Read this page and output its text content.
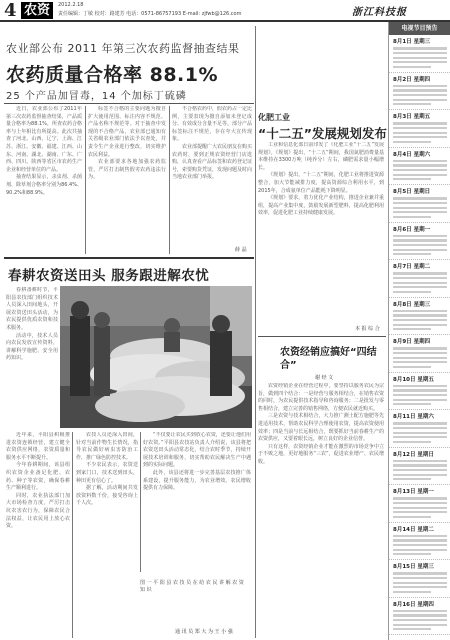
4 农资	2012.2.18
责任编辑：丁敏 校对：路建芳 电话：0571-86757193 E-mail: zjfwb@126.com	浙江科技报
农业部公布 2011 年第三次农药监督抽查结果
农药质量合格率 88.1%
25 个产品加冒毒，14 个加标丁硫磷

近日，农业部公布了2011年第三次农药监督抽查结果，产品质量合格率为88.1%，所查农药合格率与上年相比有所提高。此次共抽查了河北、山西、辽宁、上海、江苏、浙江、安徽、福建、江西、山东、河南、湖北、湖南、广东、广西、四川、陕西等省区市农药生产企业和经营单位的产品。

抽查结果显示，杀虫剂、杀菌剂、除草剂合格率分别为86.4%、90.2%和88.9%。

标签不合格的主要问题为擅自扩大使用范围、标注内容不规范、产品名称不规范等。对于抽查中发现的不合格产品，农业部已通知有关省级农业部门依法予以查处，并责令生产企业进行整改，切实维护农民利益。

农业部要求各地加强农药监管，严厉打击制售假劣农药违法行为。

不合格农药中，假农药占一定比例，主要表现为擅自添加未登记成分、有效成分含量不足等。部分产品标签标注不规范，存在夸大宣传现象。

农业部提醒广大农民朋友在购买农药时，要到正规农资经营门店选购，认真查看产品标签和农药登记证号，索要购货凭证，发现问题及时向当地农业部门举报。

薛 晶
化肥工业
“十二五”发展规划发布

工业和信息化部日前印发了《化肥工业“十二五”发展规划》。《规划》提出，“十二五”期间，我国氮肥消费量基本维持在3300万吨（纯养分）左右，磷肥需求量小幅增长。

《规划》提出，“十二五”期间，化肥工业将推进资源整合，加大节能减排力度，提高资源综合利用水平，到2015年，合成氨单位产品能耗下降明显。

《规划》要求，着力优化产业结构，推进企业兼并重组，提高产业集中度，鼓励发展新型肥料，提高化肥利用效率，促进化肥工业持续健康发展。

本 报 综 合
农资经销应搞好“四结合”
谢 经 文

农资经销企业在经营过程中，要坚持以服务农民为宗旨，做到四个结合：一是经营与服务相结合，在销售农资的同时，为农民提供技术指导和咨询服务；二是批发与零售相结合，建立完善的销售网络，方便农民就近购买。

三是农资与技术相结合，大力推广测土配方施肥等先进适用技术，帮助农民科学合理使用农资，提高农资使用效率；四是当前与长远相结合，既要抓好当前春耕生产的农资供应，又要着眼长远，树立良好的企业信誉。

只有这样，农资经销企业才能在激烈的市场竞争中立于不败之地，更好地服务“三农”，促进农业增产、农民增收。

春耕农资送田头 服务跟进解农忧

春耕备耕时节，平阳县农技部门组织技术人员深入田间地头，开展农资送田头活动，为农民提供优质农资和技术服务。

活动中，技术人员向农民发放宣传资料，讲解科学施肥、安全用药知识。

近年来，平阳县积极推进农资连锁经营，建立健全农资供应网络，农资质量和服务水平不断提升。

今年春耕期间，该县组织农资企业备足化肥、农药、种子等农资，确保春耕生产顺利进行。

同时，农业执法部门加大市场检查力度，严厉打击坑农害农行为，保障农民合法权益，让农民用上放心农资。

农技人员还深入田间，针对当前作物生长情况，指导农民做好病虫害防治工作，推广绿色防控技术。

不少农民表示，农资送到家门口，技术送到田头，种田更有信心了。

据了解，活动期间共发放资料数千份，接受咨询上千人次。

“不仅要让农民买到放心农资，还要让他们用好农资。”平阳县农技站负责人介绍说，该县将把农资送田头活动常态化，结合农时季节，持续开展技术培训和服务，切实帮助农民解决生产中遇到的实际问题。

此外，该县还将进一步完善基层农技推广体系建设，提升服务能力，为农业增效、农民增收提供有力保障。

图 一 平 阳 县 农 技 员 在 给 农 民 讲 解 农 资 知 识
通 讯 员 郑 大 为 王 小 强
电视节目预告
8月1日 星期三
8月2日 星期四
8月3日 星期五
8月4日 星期六
8月5日 星期日
8月6日 星期一
8月7日 星期二
8月8日 星期三
8月9日 星期四
8月10日 星期五
8月11日 星期六
8月12日 星期日
8月13日 星期一
8月14日 星期二
8月15日 星期三
8月16日 星期四
